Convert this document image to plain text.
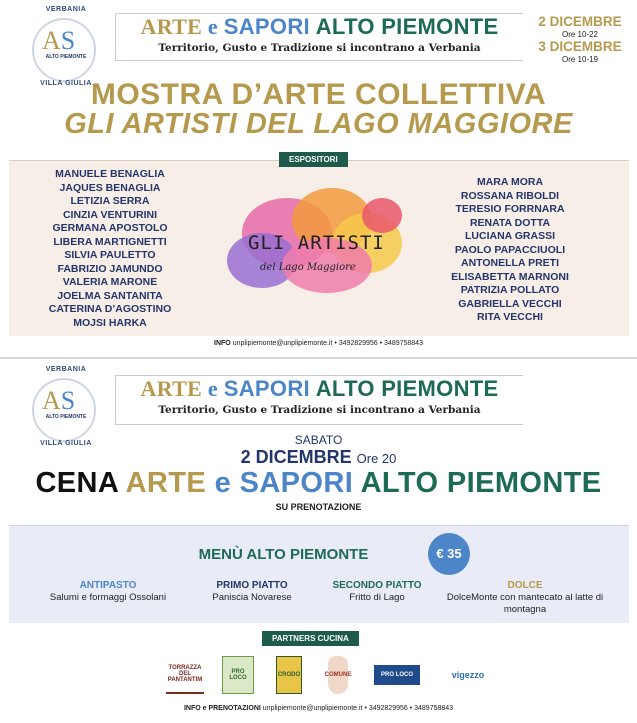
VERBANIA
AS
ALTO PIEMONTE
VILLA GIULIA
ARTE e SAPORI ALTO PIEMONTE
Territorio, Gusto e Tradizione si incontrano a Verbania
2 DICEMBRE
Ore 10-22
3 DICEMBRE
Ore 10-19
MOSTRA D’ARTE COLLETTIVA
GLI ARTISTI DEL LAGO MAGGIORE
ESPOSITORI
MANUELE BENAGLIA
JAQUES BENAGLIA
LETIZIA SERRA
CINZIA VENTURINI
GERMANA APOSTOLO
LIBERA MARTIGNETTI
SILVIA PAULETTO
FABRIZIO JAMUNDO
VALERIA MARONE
JOELMA SANTANITA
CATERINA D’AGOSTINO
MOJSI HARKA
GLI ARTISTI
del Lago Maggiore
MARA MORA
ROSSANA RIBOLDI
TERESIO FORRNARA
RENATA DOTTA
LUCIANA GRASSI
PAOLO PAPACCIUOLI
ANTONELLA PRETI
ELISABETTA MARNONI
PATRIZIA POLLATO
GABRIELLA VECCHI
RITA VECCHI
INFO unplipiemonte@unplipiemonte.it • 3492829956 • 3489758843
VERBANIA
AS
ALTO PIEMONTE
VILLA GIULIA
ARTE e SAPORI ALTO PIEMONTE
Territorio, Gusto e Tradizione si incontrano a Verbania
SABATO
2 DICEMBRE Ore 20
CENA ARTE e SAPORI ALTO PIEMONTE
SU PRENOTAZIONE
MENÙ ALTO PIEMONTE	€ 35
ANTIPASTO
Salumi e formaggi Ossolani
PRIMO PIATTO
Paniscia Novarese
SECONDO PIATTO
Fritto di Lago
DOLCE
DolceMonte con mantecato al latte di montagna
PARTNERS CUCINA
TORRAZZA DEL PANTANTIM
PRO LOCO	CRODO	COMUNE	PRO LOCO	vigezzo
INFO e PRENOTAZIONI unplipiemonte@unplipiemonte.it • 3492829956 • 3489758843
